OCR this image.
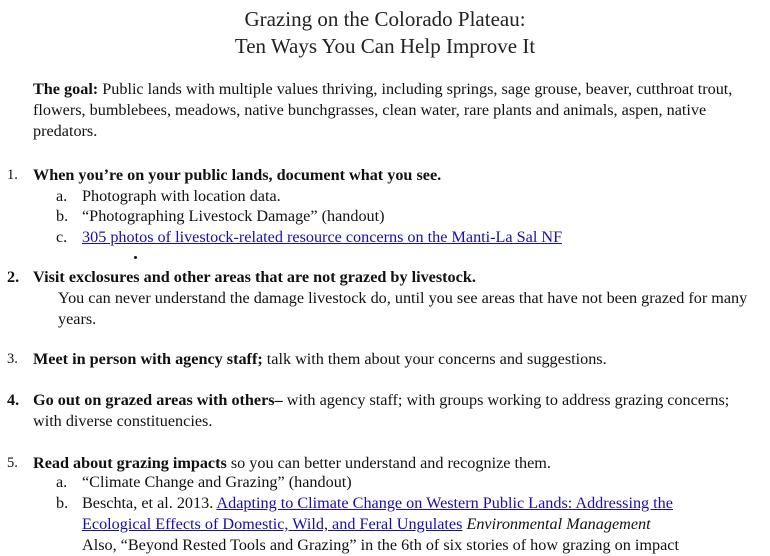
Grazing on the Colorado Plateau:
Ten Ways You Can Help Improve It
The goal: Public lands with multiple values thriving, including springs, sage grouse, beaver, cutthroat trout, flowers, bumblebees, meadows, native bunchgrasses, clean water, rare plants and animals, aspen, native predators.
1. When you’re on your public lands, document what you see.
a. Photograph with location data.
b. “Photographing Livestock Damage” (handout)
c. 305 photos of livestock-related resource concerns on the Manti-La Sal NF
2. Visit exclosures and other areas that are not grazed by livestock.
You can never understand the damage livestock do, until you see areas that have not been grazed for many years.
3. Meet in person with agency staff; talk with them about your concerns and suggestions.
4. Go out on grazed areas with others– with agency staff; with groups working to address grazing concerns; with diverse constituencies.
5. Read about grazing impacts so you can better understand and recognize them.
a. “Climate Change and Grazing” (handout)
b. Beschta, et al. 2013. Adapting to Climate Change on Western Public Lands: Addressing the Ecological Effects of Domestic, Wild, and Feral Ungulates Environmental Management
Also, “Beyond Rested Tools and Grazing” in the 6th of six stories of how grazing on impact
